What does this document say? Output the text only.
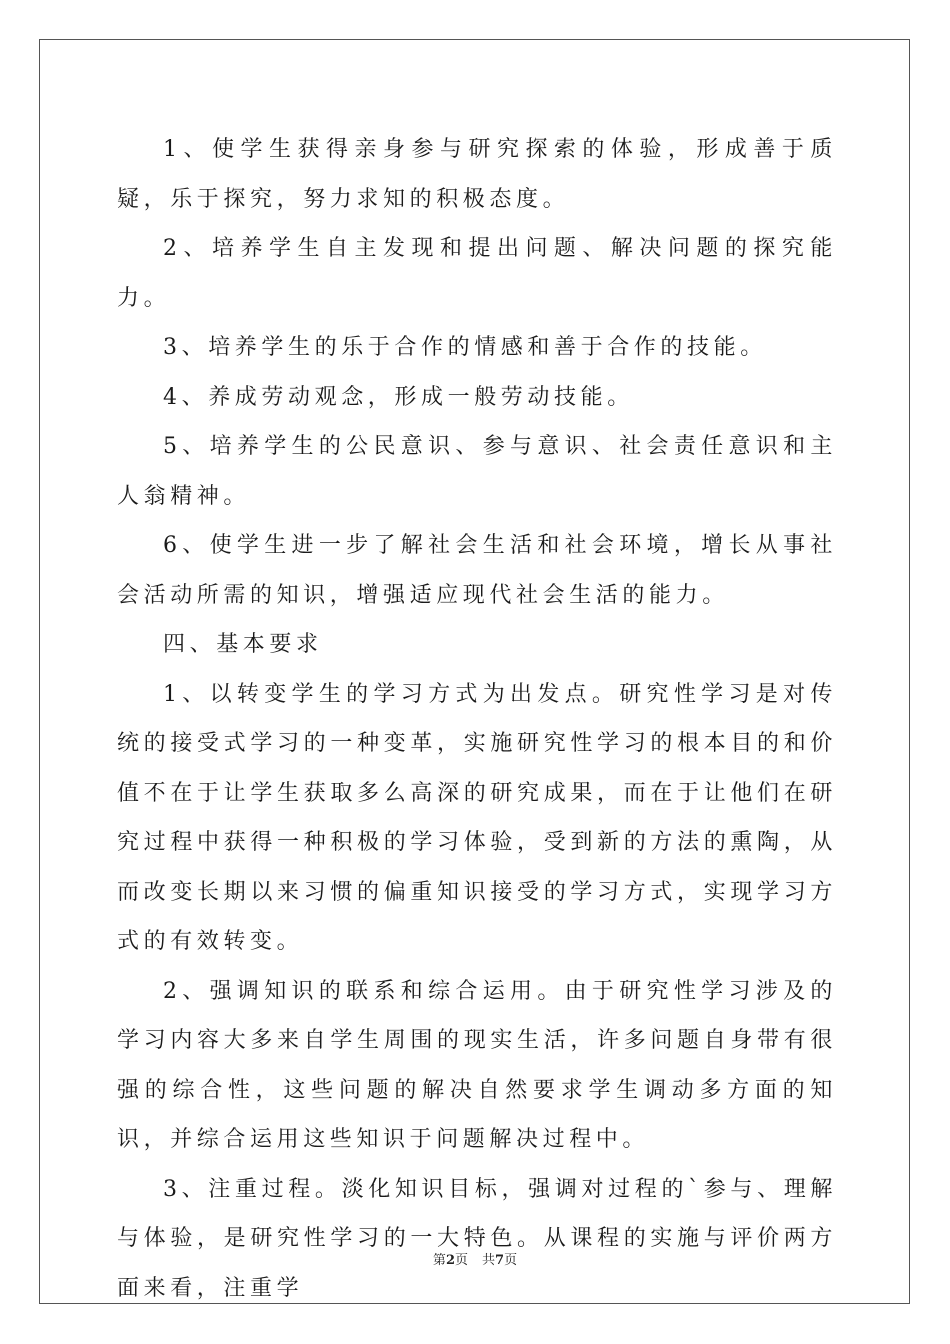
1、使学生获得亲身参与研究探索的体验，形成善于质疑，乐于探究，努力求知的积极态度。

2、培养学生自主发现和提出问题、解决问题的探究能力。

3、培养学生的乐于合作的情感和善于合作的技能。

4、养成劳动观念，形成一般劳动技能。

5、培养学生的公民意识、参与意识、社会责任意识和主人翁精神。

6、使学生进一步了解社会生活和社会环境，增长从事社会活动所需的知识，增强适应现代社会生活的能力。

四、基本要求

1、以转变学生的学习方式为出发点。研究性学习是对传统的接受式学习的一种变革，实施研究性学习的根本目的和价值不在于让学生获取多么高深的研究成果，而在于让他们在研究过程中获得一种积极的学习体验，受到新的方法的熏陶，从而改变长期以来习惯的偏重知识接受的学习方式，实现学习方式的有效转变。

2、强调知识的联系和综合运用。由于研究性学习涉及的学习内容大多来自学生周围的现实生活，许多问题自身带有很强的综合性，这些问题的解决自然要求学生调动多方面的知识，并综合运用这些知识于问题解决过程中。

3、注重过程。淡化知识目标，强调对过程的`参与、理解与体验，是研究性学习的一大特色。从课程的实施与评价两方面来看，注重学

第2页 共7页
